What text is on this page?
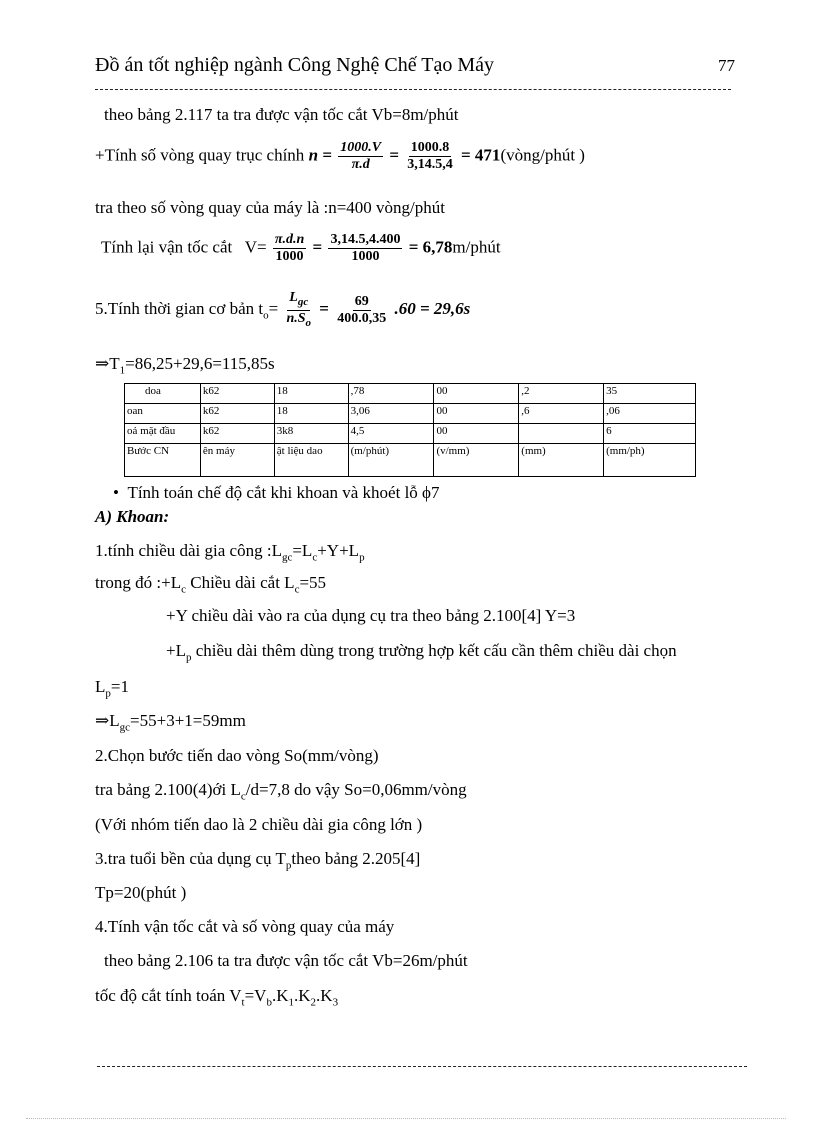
Đồ án tốt nghiệp ngành Công Nghệ Chế Tạo Máy	77
theo bảng 2.117 ta tra được vận tốc cắt Vb=8m/phút
+Tính số vòng quay trục chính $n = \frac{1000.V}{\pi.d} = \frac{1000.8}{3,14.5,4}$ = 471(vòng/phút )
tra theo số vòng quay của máy là :n=400 vòng/phút
Tính lại vận tốc cắt $V= \frac{\pi.d.n}{1000} = \frac{3,14.5,4.400}{1000}$ = 6,78m/phút
5.Tính thời gian cơ bản $t_o= \frac{L_{gc}}{n.S_o} = \frac{69}{400.0,35} .60 = 29,6s$
$\Rightarrow T_1=86,25+29,6=115,85s$
doa	k62	18	,78	00	,2	35
oan	k62	18	3,06	00	,6	,06
oả mặt đầu	k62	3k8	4,5	00		6
Bước CN	ên máy	ật liệu dao	(m/phút)	(v/mm)	(mm)	(mm/ph)
• Tính toán chế độ cắt khi khoan và khoét lỗ ϕ7
A) Khoan:
1.tính chiều dài gia công $:L_{gc}=L_c+Y+L_p$
trong đó $:+L_c$ Chiều dài cắt $L_c=55$
+Y chiều dài vào ra của dụng cụ tra theo bảng 2.100[4] Y=3
$+L_p$ chiều dài thêm dùng trong trường hợp kết cấu cần thêm chiều dài chọn
$L_p=1$
$\Rightarrow L_{gc}=55+3+1=59mm$
2.Chọn bước tiến dao vòng So(mm/vòng)
tra bảng 2.100(4)ới $L_c/d=7,8$ do vậy So=0,06mm/vòng
(Với nhóm tiến dao là 2 chiều dài gia công lớn )
3.tra tuổi bền của dụng cụ $T_ptheo$ bảng 2.205[4]
Tp=20(phút )
4.Tính vận tốc cắt và số vòng quay của máy
theo bảng 2.106 ta tra được vận tốc cắt Vb=26m/phút
tốc độ cắt tính toán $V_t=V_b.K_1.K_2.K_3$
